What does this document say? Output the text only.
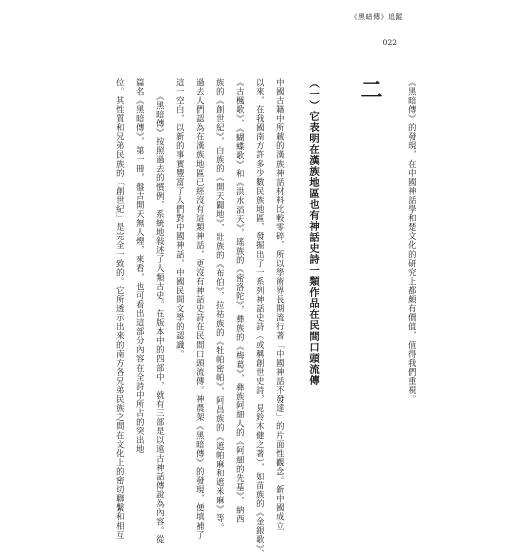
《黑暗傳》追蹤
022
《黑暗傳》的發現，在中國神話學和楚文化的研究上都頗有價值，值得我們重視。
二
（一）它表明在漢族地區也有神話史詩一類作品在民間口頭流傳
中國古籍中所載的漢族神話材料比較零碎，所以學術界長期流行著「中國神話不發達」的片面性觀念。新中國成立
以來，在我國南方許多少數民族地區，發掘出了一系列神話史詩（或稱創世史詩，見鈴木健之著），如苗族的《金銀歌》、
《古楓歌》、《蝴蝶歌》和《洪水滔天》，瑤族的《密洛陀》，彝族的《梅葛》，彝族阿細人的《阿細的先基》，納西
族的《創世紀》，白族的《開天闢地》，壯族的《布伯》，拉祜族的《牡帕密帕》，阿昌族的《遮帕麻和遮米麻》等。
過去人們認為在漢族地區已經沒有這類神話，更沒有神話史詩在民間口頭流傳。神農架《黑暗傳》的發現，便填補了
這一空白，以新的事實豐富了人們對中國神話，中國民間文學的認識。
　　《黑暗傳》按照過去的慣例，系統地敍述了人類古史。在版本中的四部中，就有三部是以遠古神話傳說為內容。從
篇名《黑暗傳》，第一冊，盤古開天無人煙，來看，也可看出這部分內容在全詩中所占的突出地
位。其性質和兄弟民族的「創世紀」是完全一致的。它所透示出來的南方各兄弟民族之間在文化上的密切聯繫和相互
